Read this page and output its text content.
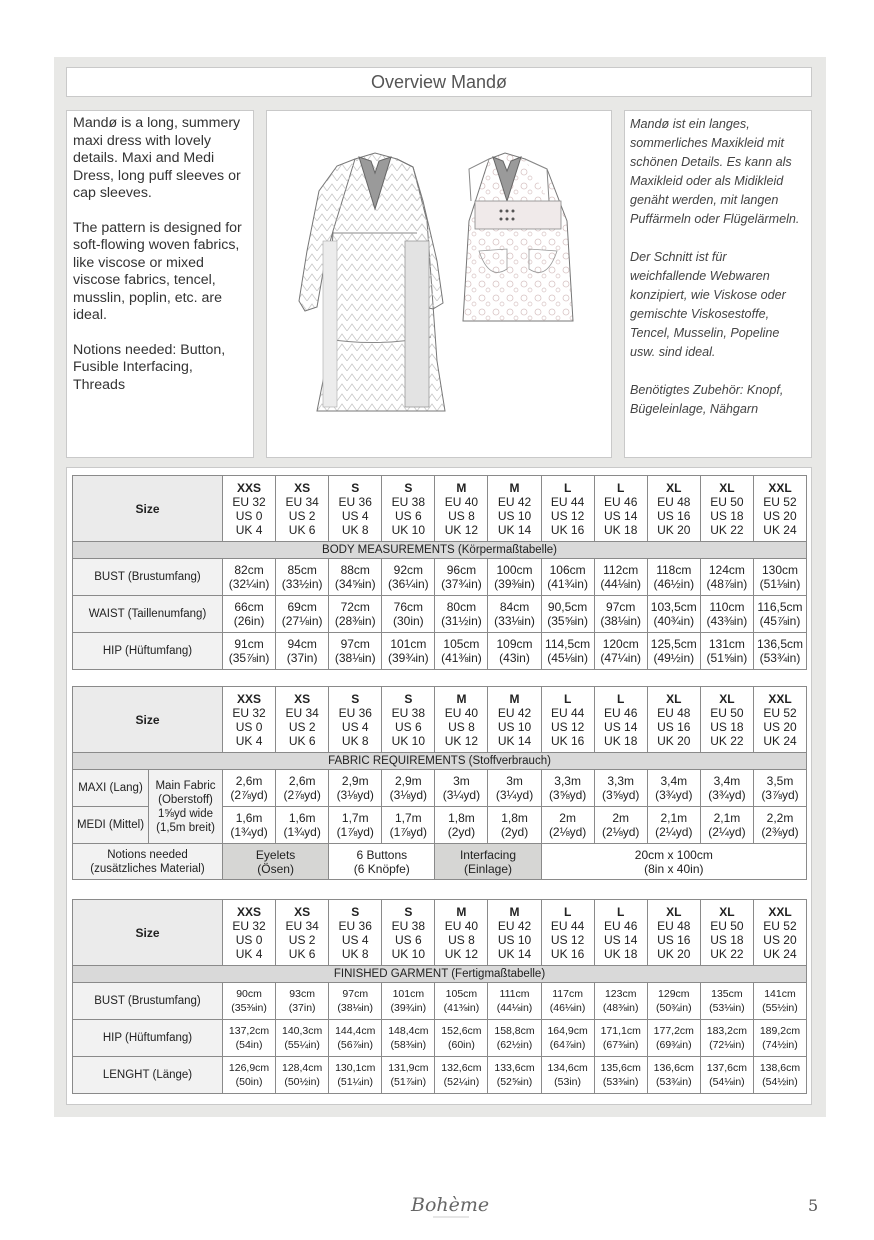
Overview Mandø

Mandø is a long, summery maxi dress with lovely details. Maxi and Medi Dress, long puff sleeves or cap sleeves.

The pattern is designed for soft-flowing woven fabrics, like viscose or mixed viscose fabrics, tencel, musslin, poplin, etc. are ideal.

Notions needed: Button, Fusible Interfacing, Threads

Mandø ist ein langes, sommerliches Maxikleid mit schönen Details. Es kann als Maxikleid oder als Midikleid genäht werden, mit langen Puffärmeln oder Flügelärmeln.

Der Schnitt ist für weichfallende Webwaren konzipiert, wie Viskose oder gemischte Viskosestoffe, Tencel, Musselin, Popeline usw. sind ideal.

Benötigtes Zubehör: Knopf, Bügeleinlage, Nähgarn

Size	XXS
EU 32
US 0
UK 4	XS
EU 34
US 2
UK 6	S
EU 36
US 4
UK 8	S
EU 38
US 6
UK 10	M
EU 40
US 8
UK 12	M
EU 42
US 10
UK 14	L
EU 44
US 12
UK 16	L
EU 46
US 14
UK 18	XL
EU 48
US 16
UK 20	XL
EU 50
US 18
UK 22	XXL
EU 52
US 20
UK 24
BODY MEASUREMENTS (Körpermaßtabelle)											
BUST (Brustumfang)	82cm
(32¼in)	85cm
(33½in)	88cm
(34⅝in)	92cm
(36¼in)	96cm
(37¾in)	100cm
(39⅜in)	106cm
(41¾in)	112cm
(44⅛in)	118cm
(46½in)	124cm
(48⅞in)	130cm
(51⅛in)
WAIST (Taillenumfang)	66cm
(26in)	69cm
(27⅛in)	72cm
(28⅜in)	76cm
(30in)	80cm
(31½in)	84cm
(33⅛in)	90,5cm
(35⅝in)	97cm
(38⅛in)	103,5cm
(40¾in)	110cm
(43⅜in)	116,5cm
(45⅞in)
HIP (Hüftumfang)	91cm
(35⅞in)	94cm
(37in)	97cm
(38⅛in)	101cm
(39¾in)	105cm
(41⅜in)	109cm
(43in)	114,5cm
(45⅛in)	120cm
(47¼in)	125,5cm
(49½in)	131cm
(51⅝in)	136,5cm
(53¾in)
Size		XXS
EU 32
US 0
UK 4	XS
EU 34
US 2
UK 6	S
EU 36
US 4
UK 8	S
EU 38
US 6
UK 10	M
EU 40
US 8
UK 12	M
EU 42
US 10
UK 14	L
EU 44
US 12
UK 16	L
EU 46
US 14
UK 18	XL
EU 48
US 16
UK 20	XL
EU 50
US 18
UK 22	XXL
EU 52
US 20
UK 24
FABRIC REQUIREMENTS (Stoffverbrauch)												
MAXI (Lang)	Main Fabric
(Oberstoff)
1⅝yd wide
(1,5m breit)	2,6m
(2⅞yd)	2,6m
(2⅞yd)	2,9m
(3⅛yd)	2,9m
(3⅛yd)	3m
(3¼yd)	3m
(3¼yd)	3,3m
(3⅝yd)	3,3m
(3⅝yd)	3,4m
(3¾yd)	3,4m
(3¾yd)	3,5m
(3⅞yd)
MEDI (Mittel)		1,6m
(1¾yd)	1,6m
(1¾yd)	1,7m
(1⅞yd)	1,7m
(1⅞yd)	1,8m
(2yd)	1,8m
(2yd)	2m
(2⅛yd)	2m
(2⅛yd)	2,1m
(2¼yd)	2,1m
(2¼yd)	2,2m
(2⅜yd)
Notions needed
(zusätzliches Material)		Eyelets
(Ösen)		6 Buttons
(6 Knöpfe)		Interfacing
(Einlage)		20cm x 100cm
(8in x 40in)				
Size	XXS
EU 32
US 0
UK 4	XS
EU 34
US 2
UK 6	S
EU 36
US 4
UK 8	S
EU 38
US 6
UK 10	M
EU 40
US 8
UK 12	M
EU 42
US 10
UK 14	L
EU 44
US 12
UK 16	L
EU 46
US 14
UK 18	XL
EU 48
US 16
UK 20	XL
EU 50
US 18
UK 22	XXL
EU 52
US 20
UK 24
FINISHED GARMENT (Fertigmaßtabelle)											
BUST (Brustumfang)	90cm
(35⅜in)	93cm
(37in)	97cm
(38⅛in)	101cm
(39¾in)	105cm
(41⅜in)	111cm
(44⅛in)	117cm
(46⅛in)	123cm
(48⅜in)	129cm
(50¾in)	135cm
(53⅛in)	141cm
(55½in)
HIP (Hüftumfang)	137,2cm
(54in)	140,3cm
(55¼in)	144,4cm
(56⅞in)	148,4cm
(58⅜in)	152,6cm
(60in)	158,8cm
(62½in)	164,9cm
(64⅞in)	171,1cm
(67⅜in)	177,2cm
(69¾in)	183,2cm
(72⅛in)	189,2cm
(74½in)
LENGHT (Länge)	126,9cm
(50in)	128,4cm
(50½in)	130,1cm
(51¼in)	131,9cm
(51⅞in)	132,6cm
(52¼in)	133,6cm
(52⅝in)	134,6cm
(53in)	135,6cm
(53⅜in)	136,6cm
(53¾in)	137,6cm
(54⅛in)	138,6cm
(54½in)
Bohème	5
